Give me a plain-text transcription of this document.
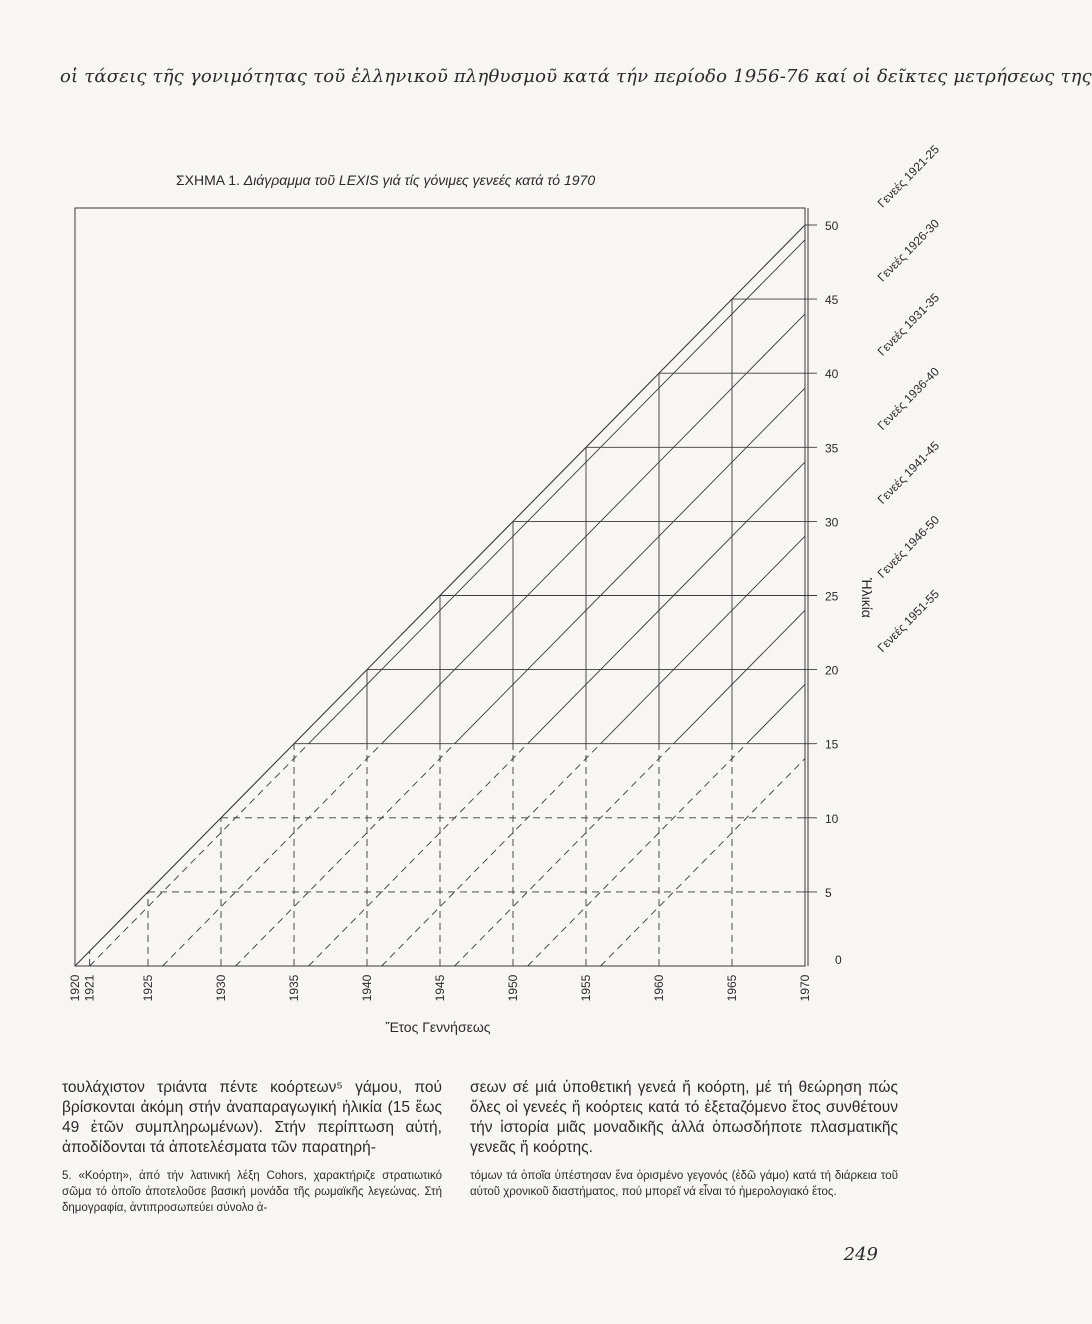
οἱ τάσεις τῆς γονιμότητας τοῦ ἑλληνικοῦ πληθυσμοῦ κατά τήν περίοδο 1956-76 καί οἱ δεῖκτες μετρήσεως της
ΣΧΗΜΑ 1. Διάγραμμα τοῦ LEXIS γιά τίς γόνιμες γενεές κατά τό 1970
5
10
15
20
25
30
35
40
45
50
0
1920 1921	1925	1930	1935	1940	1945	1950	1955	1960	1965	1970
Γενεές 1921-25
Γενεές 1926-30
Γενεές 1931-35
Γενεές 1936-40
Γενεές 1941-45
Γενεές 1946-50
Γενεές 1951-55
Ἔτος Γεννήσεως
Ἡλικία
τουλάχιστον τριάντα πέντε κοόρτεων⁵ γάμου, πού βρίσκονται ἀκόμη στήν ἀναπαραγωγική ἡλικία (15 ἕως 49 ἐτῶν συμπληρωμένων). Στήν περίπτωση αὐτή, ἀποδίδονται τά ἀποτελέσματα τῶν παρατηρή-
σεων σέ μιά ὑποθετική γενεά ἤ κοόρτη, μέ τή θεώρηση πώς ὅλες οἱ γενεές ἤ κοόρτεις κατά τό ἐξεταζόμενο ἔτος συνθέτουν τήν ἱστορία μιᾶς μοναδικῆς ἀλλά ὁπωσδήποτε πλασματικῆς γενεᾶς ἤ κοόρτης.
5. «Κοόρτη», ἀπό τήν λατινική λέξη Cohors, χαρακτήριζε στρατιωτικό σῶμα τό ὁποῖο ἀποτελοῦσε βασική μονάδα τῆς ρωμαϊκῆς λεγεώνας. Στή δημογραφία, ἀντιπροσωπεύει σύνολο ἀ-
τόμων τά ὁποῖα ὑπέστησαν ἕνα ὁρισμένο γεγονός (ἐδῶ γάμο) κατά τή διάρκεια τοῦ αὐτοῦ χρονικοῦ διαστήματος, πού μπορεῖ νά εἶναι τό ἡμερολογιακό ἔτος.
249
